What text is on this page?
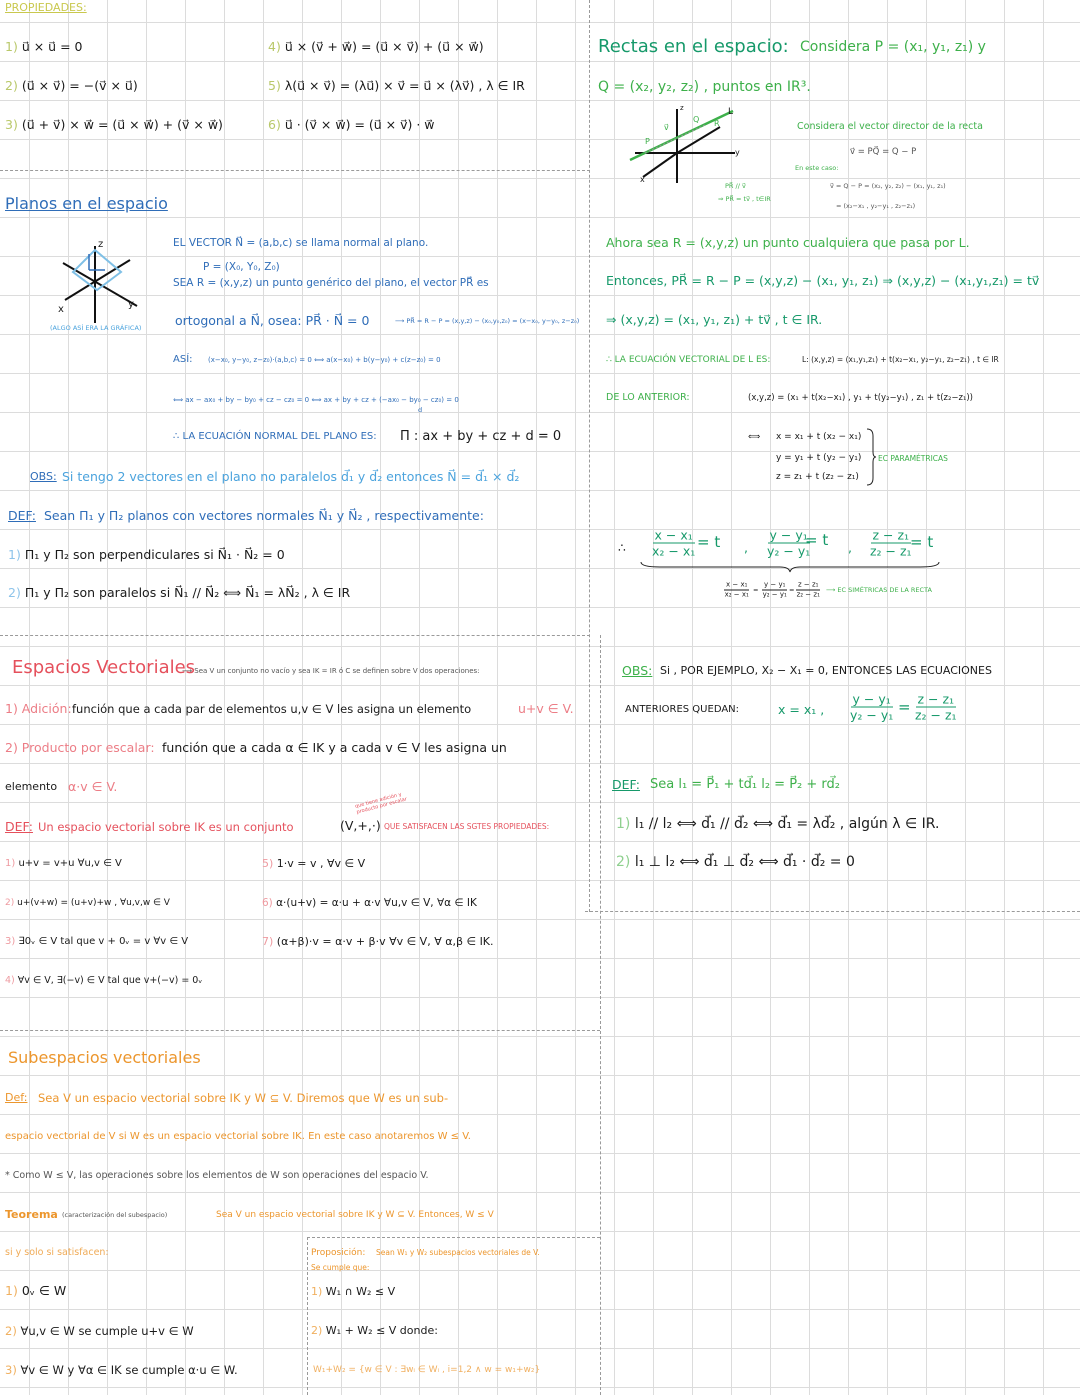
PROPIEDADES:
1) u⃗ × u⃗ = 0
2) (u⃗ × v⃗) = −(v⃗ × u⃗)
3) (u⃗ + v⃗) × w⃗ = (u⃗ × w⃗) + (v⃗ × w⃗)
4) u⃗ × (v⃗ + w⃗) = (u⃗ × v⃗) + (u⃗ × w⃗)
5) λ(u⃗ × v⃗) = (λu⃗) × v⃗ = u⃗ × (λv⃗) , λ ∈ IR
6) u⃗ · (v⃗ × w⃗) = (u⃗ × v⃗) · w⃗
Planos en el espacio
z
x	y
(ALGO ASÍ ERA LA GRÁFICA)
EL VECTOR N⃗ = (a,b,c) se llama normal al plano.
P = (X₀, Y₀, Z₀)
SEA R = (x,y,z) un punto genérico del plano, el vector PR⃗ es
ortogonal a N⃗, osea: PR⃗ · N⃗ = 0	⟶ PR⃗ = R − P = (x,y,z) − (x₀,y₀,z₀) = (x−x₀, y−y₀, z−z₀)
ASÍ: (x−x₀, y−y₀, z−z₀)·(a,b,c) = 0 ⟺ a(x−x₀) + b(y−y₀) + c(z−z₀) = 0
⟺ ax − ax₀ + by − by₀ + cz − cz₀ = 0 ⟺ ax + by + cz + (−ax₀ − by₀ − cz₀) = 0
d
∴ LA ECUACIÓN NORMAL DEL PLANO ES: Π : ax + by + cz + d = 0
OBS: Si tengo 2 vectores en el plano no paralelos d⃗₁ y d⃗₂ entonces N⃗ = d⃗₁ × d⃗₂
DEF: Sean Π₁ y Π₂ planos con vectores normales N⃗₁ y N⃗₂ , respectivamente:
1) Π₁ y Π₂ son perpendiculares si N⃗₁ · N⃗₂ = 0
2) Π₁ y Π₂ son paralelos si N⃗₁ // N⃗₂ ⟺ N⃗₁ = λN⃗₂ , λ ∈ IR
Rectas en el espacio: Considera P = (x₁, y₁, z₁) y
Q = (x₂, y₂, z₂) , puntos en IR³.
z
y
x
L
P
Q R
v⃗
PR⃗ // v⃗
⇒ PR⃗ = tv⃗ , t∈IR
Considera el vector director de la recta
v⃗ = PQ⃗ = Q − P
En este caso:
v⃗ = Q − P = (x₂, y₂, z₂) − (x₁, y₁, z₁)
= (x₂−x₁ , y₂−y₁ , z₂−z₁)
Ahora sea R = (x,y,z) un punto cualquiera que pasa por L.
Entonces, PR⃗ = R − P = (x,y,z) − (x₁, y₁, z₁) ⇒ (x,y,z) − (x₁,y₁,z₁) = tv⃗
⇒ (x,y,z) = (x₁, y₁, z₁) + tv⃗ , t ∈ IR.
∴ LA ECUACIÓN VECTORIAL DE L ES:	L: (x,y,z) = (x₁,y₁,z₁) + t(x₂−x₁, y₂−y₁, z₂−z₁) , t ∈ IR
DE LO ANTERIOR:	(x,y,z) = (x₁ + t(x₂−x₁) , y₁ + t(y₂−y₁) , z₁ + t(z₂−z₁))
⟺ x = x₁ + t (x₂ − x₁)
y = y₁ + t (y₂ − y₁)
z = z₁ + t (z₂ − z₁)
EC PARAMÉTRICAS
∴ $\frac{\text{x − x₁}}{\text{x₂ − x₁}} = t$ , $\frac{\text{y − y₁}}{\text{y₂ − y₁}}$
= t , $\frac{\text{z − z₁}}{\text{z₂ − z₁}}$
= t
$\frac{\text{x − x₁}}{\text{x₂ − x₁}} = \frac{\text{y − y₁}}{\text{y₂ − y₁}} = \frac{\text{z − z₁}}{\text{z₂ − z₁}}$ ⟶ EC SIMÉTRICAS DE LA RECTA
OBS: Si , POR EJEMPLO, X₂ − X₁ = 0, ENTONCES LAS ECUACIONES
ANTERIORES QUEDAN:	x = x₁ , $\frac{\text{y − y₁}}{\text{y₂ − y₁}} = \frac{\text{z − z₁}}{\text{z₂ − z₁}}$
DEF: Sea l₁ = P⃗₁ + td⃗₁ l₂ = P⃗₂ + rd⃗₂
1) l₁ // l₂ ⟺ d⃗₁ // d⃗₂ ⟺ d⃗₁ = λd⃗₂ , algún λ ∈ IR.
2) l₁ ⊥ l₂ ⟺ d⃗₁ ⊥ d⃗₂ ⟺ d⃗₁ · d⃗₂ = 0
Espacios Vectoriales
⟶ Sea V un conjunto no vacío y sea IK = IR ó C se definen sobre V dos operaciones:
1) Adición: función que a cada par de elementos u,v ∈ V les asigna un elemento	u+v ∈ V.
2) Producto por escalar: función que a cada α ∈ IK y a cada v ∈ V les asigna un
elemento α·v ∈ V.
DEF: Un espacio vectorial sobre IK es un conjunto	(V,+,·)
que tiene adición y producto por escalar
QUE SATISFACEN LAS SGTES PROPIEDADES:
1) u+v = v+u ∀u,v ∈ V
2) u+(v+w) = (u+v)+w , ∀u,v,w ∈ V
3) ∃0ᵥ ∈ V tal que v + 0ᵥ = v ∀v ∈ V
4) ∀v ∈ V, ∃(−v) ∈ V tal que v+(−v) = 0ᵥ
5) 1·v = v , ∀v ∈ V
6) α·(u+v) = α·u + α·v ∀u,v ∈ V, ∀α ∈ IK
7) (α+β)·v = α·v + β·v ∀v ∈ V, ∀ α,β ∈ IK.
Subespacios vectoriales
Def: Sea V un espacio vectorial sobre IK y W ⊆ V. Diremos que W es un sub-
espacio vectorial de V si W es un espacio vectorial sobre IK. En este caso anotaremos W ≤ V.
* Como W ≤ V, las operaciones sobre los elementos de W son operaciones del espacio V.
Teorema (caracterización del subespacio)	Sea V un espacio vectorial sobre IK y W ⊆ V. Entonces, W ≤ V
si y solo si satisfacen:
1) 0ᵥ ∈ W
2) ∀u,v ∈ W se cumple u+v ∈ W
3) ∀v ∈ W y ∀α ∈ IK se cumple α·u ∈ W.
Proposición: Sean W₁ y W₂ subespacios vectoriales de V.
Se cumple que:
1) W₁ ∩ W₂ ≤ V
2) W₁ + W₂ ≤ V donde:
W₁+W₂ = {w ∈ V : ∃wᵢ ∈ Wᵢ , i=1,2 ∧ w = w₁+w₂}
